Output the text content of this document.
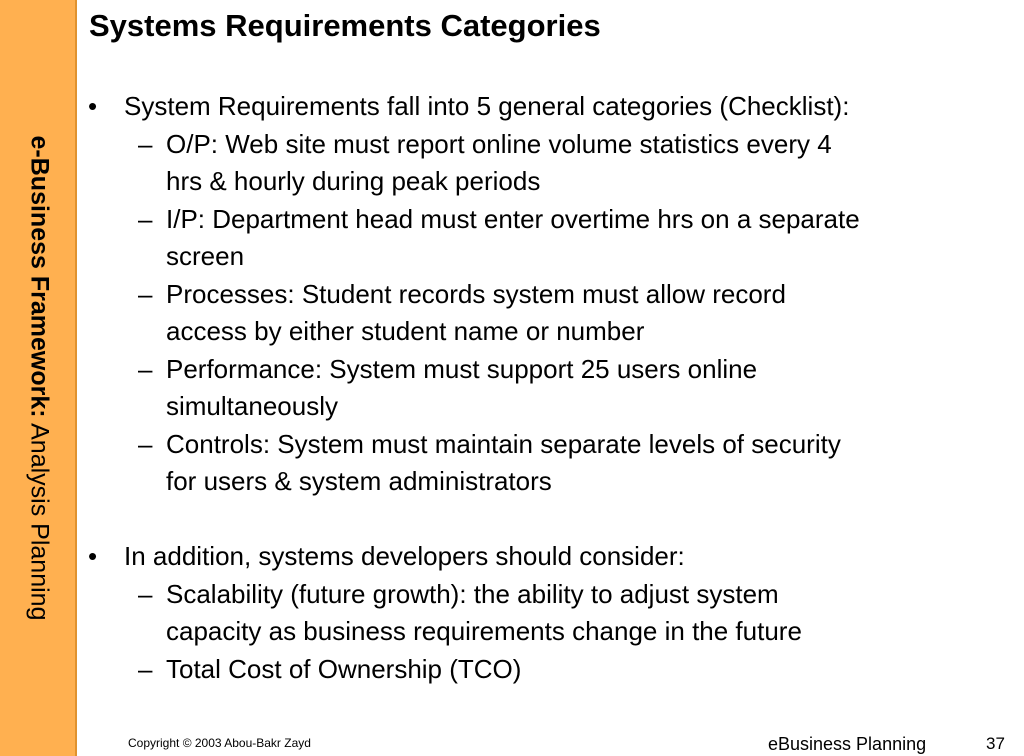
e-Business Framework: Analysis Planning
Systems Requirements Categories
•	System Requirements fall into 5 general categories (Checklist):
– O/P: Web site must report online volume statistics every 4
hrs & hourly during peak periods
– I/P: Department head must enter overtime hrs on a separate
screen
– Processes: Student records system must allow record
access by either student name or number
– Performance: System must support 25 users online
simultaneously
– Controls: System must maintain separate levels of security
for users & system administrators
•	In addition, systems developers should consider:
– Scalability (future growth): the ability to adjust system
capacity as business requirements change in the future
– Total Cost of Ownership (TCO)
Copyright © 2003 Abou-Bakr Zayd	eBusiness Planning	37
